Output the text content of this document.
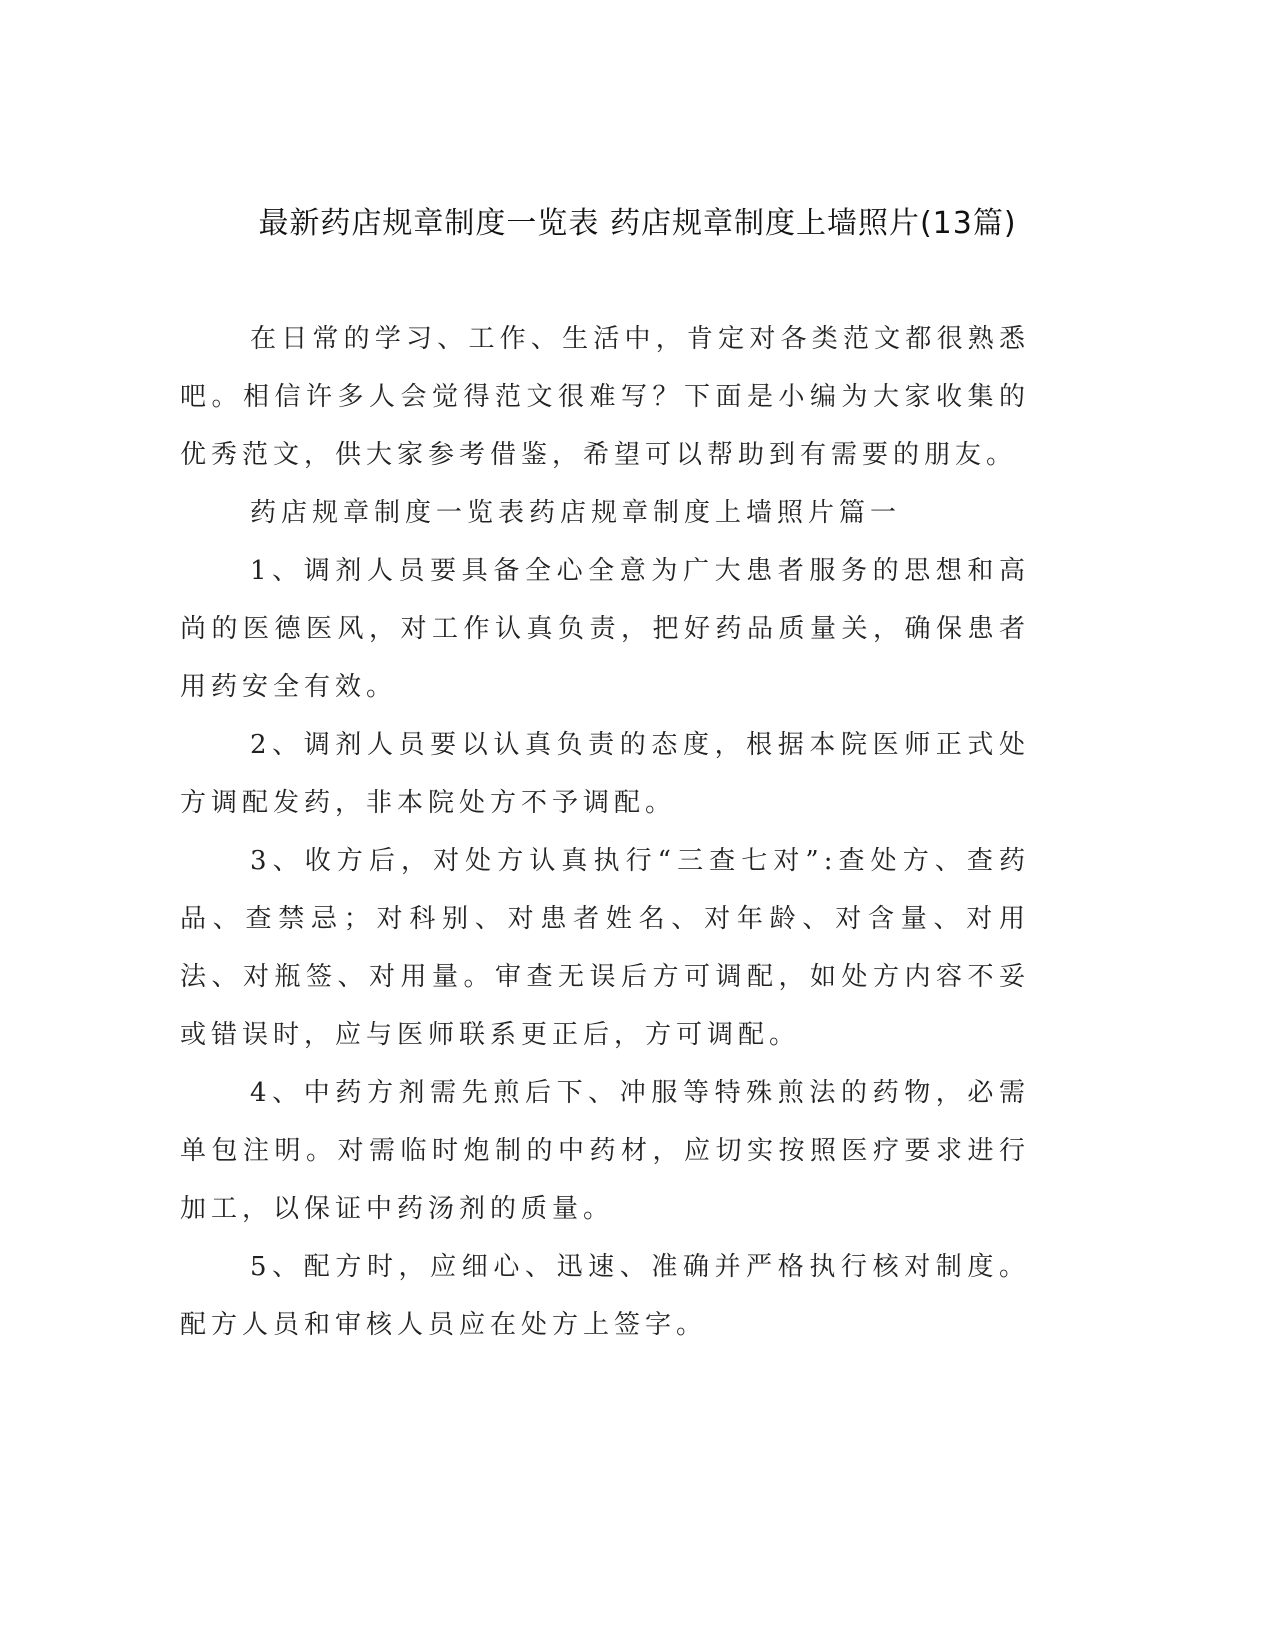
最新药店规章制度一览表 药店规章制度上墙照片(13篇)

在日常的学习、工作、生活中，肯定对各类范文都很熟悉吧。相信许多人会觉得范文很难写？下面是小编为大家收集的优秀范文，供大家参考借鉴，希望可以帮助到有需要的朋友。

药店规章制度一览表药店规章制度上墙照片篇一

1、调剂人员要具备全心全意为广大患者服务的思想和高尚的医德医风，对工作认真负责，把好药品质量关，确保患者用药安全有效。

2、调剂人员要以认真负责的态度，根据本院医师正式处方调配发药，非本院处方不予调配。

3、收方后，对处方认真执行“三查七对”:查处方、查药品、查禁忌；对科别、对患者姓名、对年龄、对含量、对用法、对瓶签、对用量。审查无误后方可调配，如处方内容不妥或错误时，应与医师联系更正后，方可调配。

4、中药方剂需先煎后下、冲服等特殊煎法的药物，必需单包注明。对需临时炮制的中药材，应切实按照医疗要求进行加工，以保证中药汤剂的质量。

5、配方时，应细心、迅速、准确并严格执行核对制度。配方人员和审核人员应在处方上签字。
